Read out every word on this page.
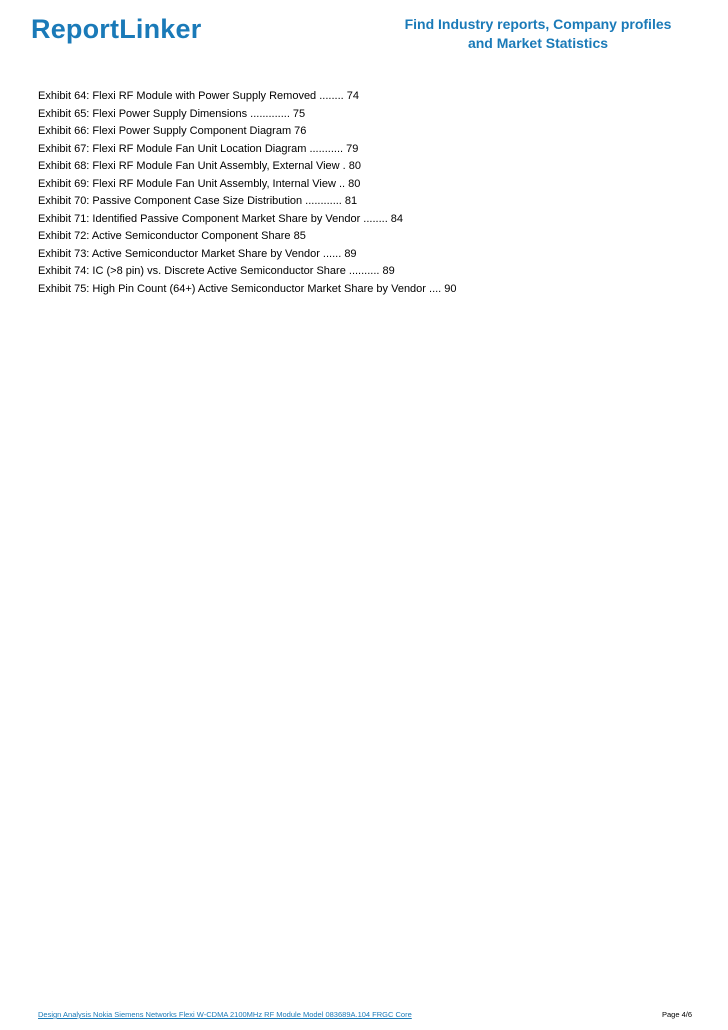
ReportLinker	Find Industry reports, Company profiles
and Market Statistics
Exhibit 64: Flexi RF Module with Power Supply Removed ........ 74
Exhibit 65: Flexi Power Supply Dimensions ............. 75
Exhibit 66: Flexi Power Supply Component Diagram 76
Exhibit 67: Flexi RF Module Fan Unit Location Diagram ........... 79
Exhibit 68: Flexi RF Module Fan Unit Assembly, External View . 80
Exhibit 69: Flexi RF Module Fan Unit Assembly, Internal View .. 80
Exhibit 70: Passive Component Case Size Distribution ............ 81
Exhibit 71: Identified Passive Component Market Share by Vendor ........ 84
Exhibit 72: Active Semiconductor Component Share 85
Exhibit 73: Active Semiconductor Market Share by Vendor ...... 89
Exhibit 74: IC (>8 pin) vs. Discrete Active Semiconductor Share .......... 89
Exhibit 75: High Pin Count (64+) Active Semiconductor Market Share by Vendor .... 90
Design Analysis Nokia Siemens Networks Flexi W-CDMA 2100MHz RF Module Model 083689A.104 FRGC Core	Page 4/6
